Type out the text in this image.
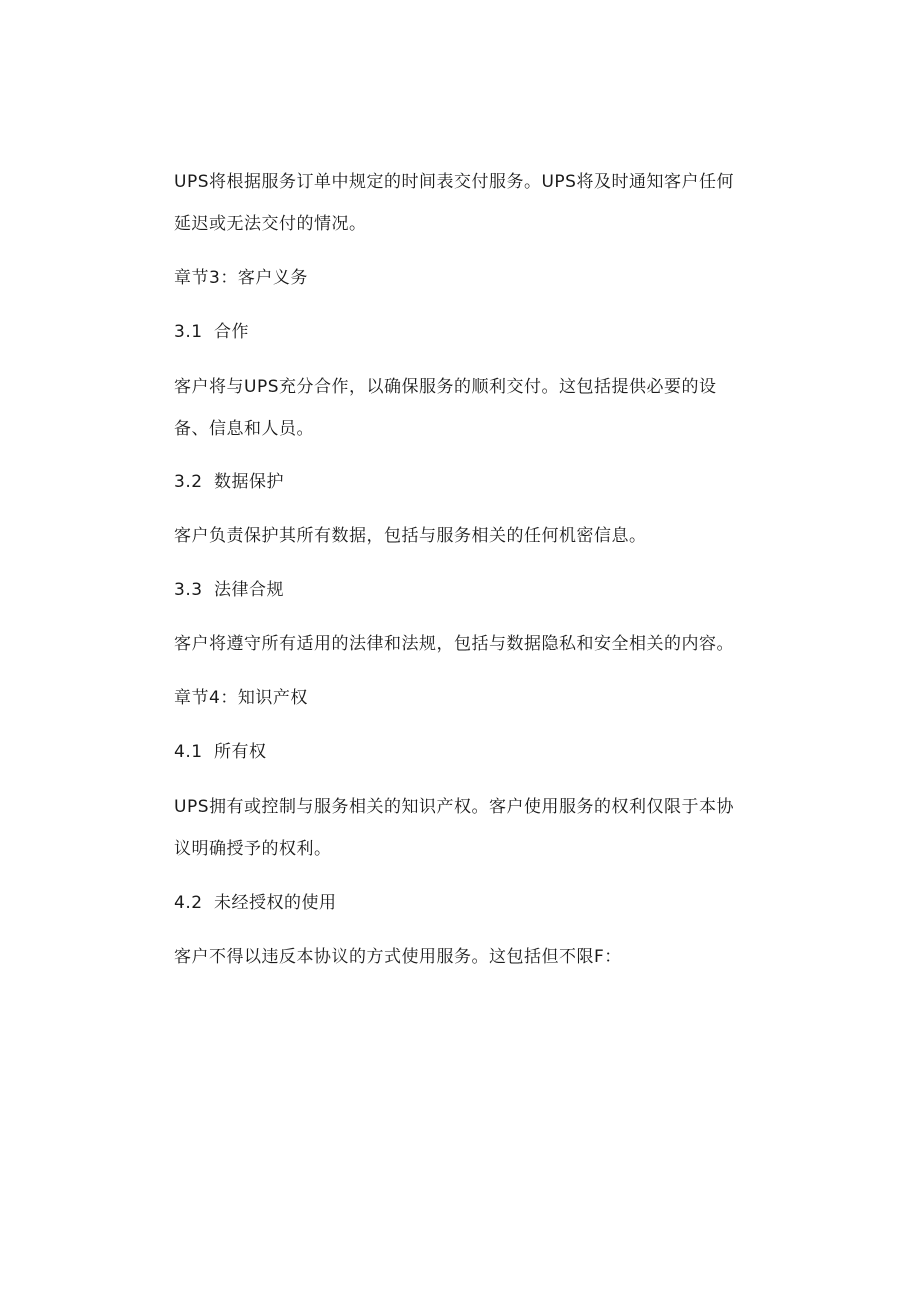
UPS将根据服务订单中规定的时间表交付服务。UPS将及时通知客户任何
延迟或无法交付的情况。
章节3：客户义务
3.1 合作
客户将与UPS充分合作，以确保服务的顺利交付。这包括提供必要的设
备、信息和人员。
3.2 数据保护
客户负责保护其所有数据，包括与服务相关的任何机密信息。
3.3 法律合规
客户将遵守所有适用的法律和法规，包括与数据隐私和安全相关的内容。
章节4：知识产权
4.1 所有权
UPS拥有或控制与服务相关的知识产权。客户使用服务的权利仅限于本协
议明确授予的权利。
4.2 未经授权的使用
客户不得以违反本协议的方式使用服务。这包括但不限F：
